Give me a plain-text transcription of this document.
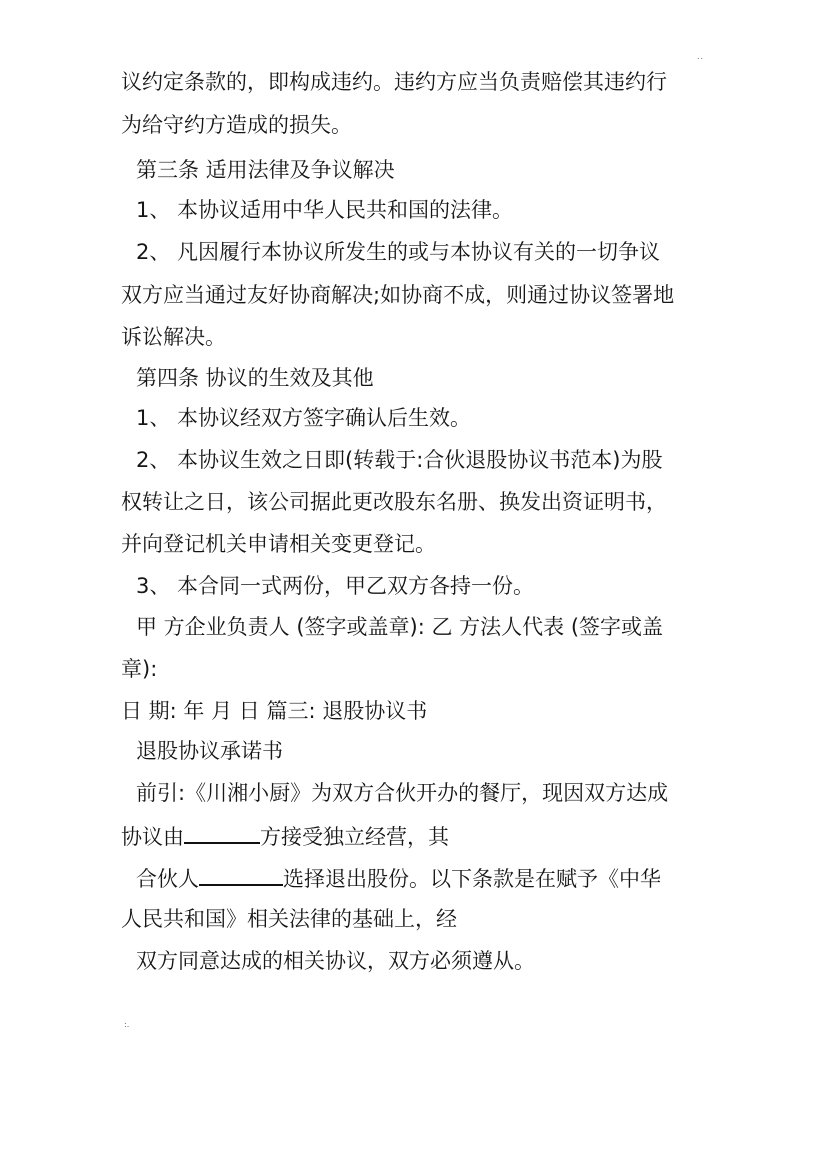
..
议约定条款的，即构成违约。违约方应当负责赔偿其违约行
为给守约方造成的损失。
第三条 适用法律及争议解决
1、 本协议适用中华人民共和国的法律。
2、 凡因履行本协议所发生的或与本协议有关的一切争议
双方应当通过友好协商解决;如协商不成，则通过协议签署地
诉讼解决。
第四条 协议的生效及其他
1、 本协议经双方签字确认后生效。
2、 本协议生效之日即(转载于:合伙退股协议书范本)为股
权转让之日，该公司据此更改股东名册、换发出资证明书，
并向登记机关申请相关变更登记。
3、 本合同一式两份，甲乙双方各持一份。
甲 方企业负责人 (签字或盖章): 乙 方法人代表 (签字或盖
章):
日 期: 年 月 日 篇三: 退股协议书
退股协议承诺书
前引:《川湘小厨》为双方合伙开办的餐厅，现因双方达成
协议由	方接受独立经营，其
合伙人	选择退出股份。以下条款是在赋予《中华
人民共和国》相关法律的基础上，经
双方同意达成的相关协议，双方必须遵从。
:.
